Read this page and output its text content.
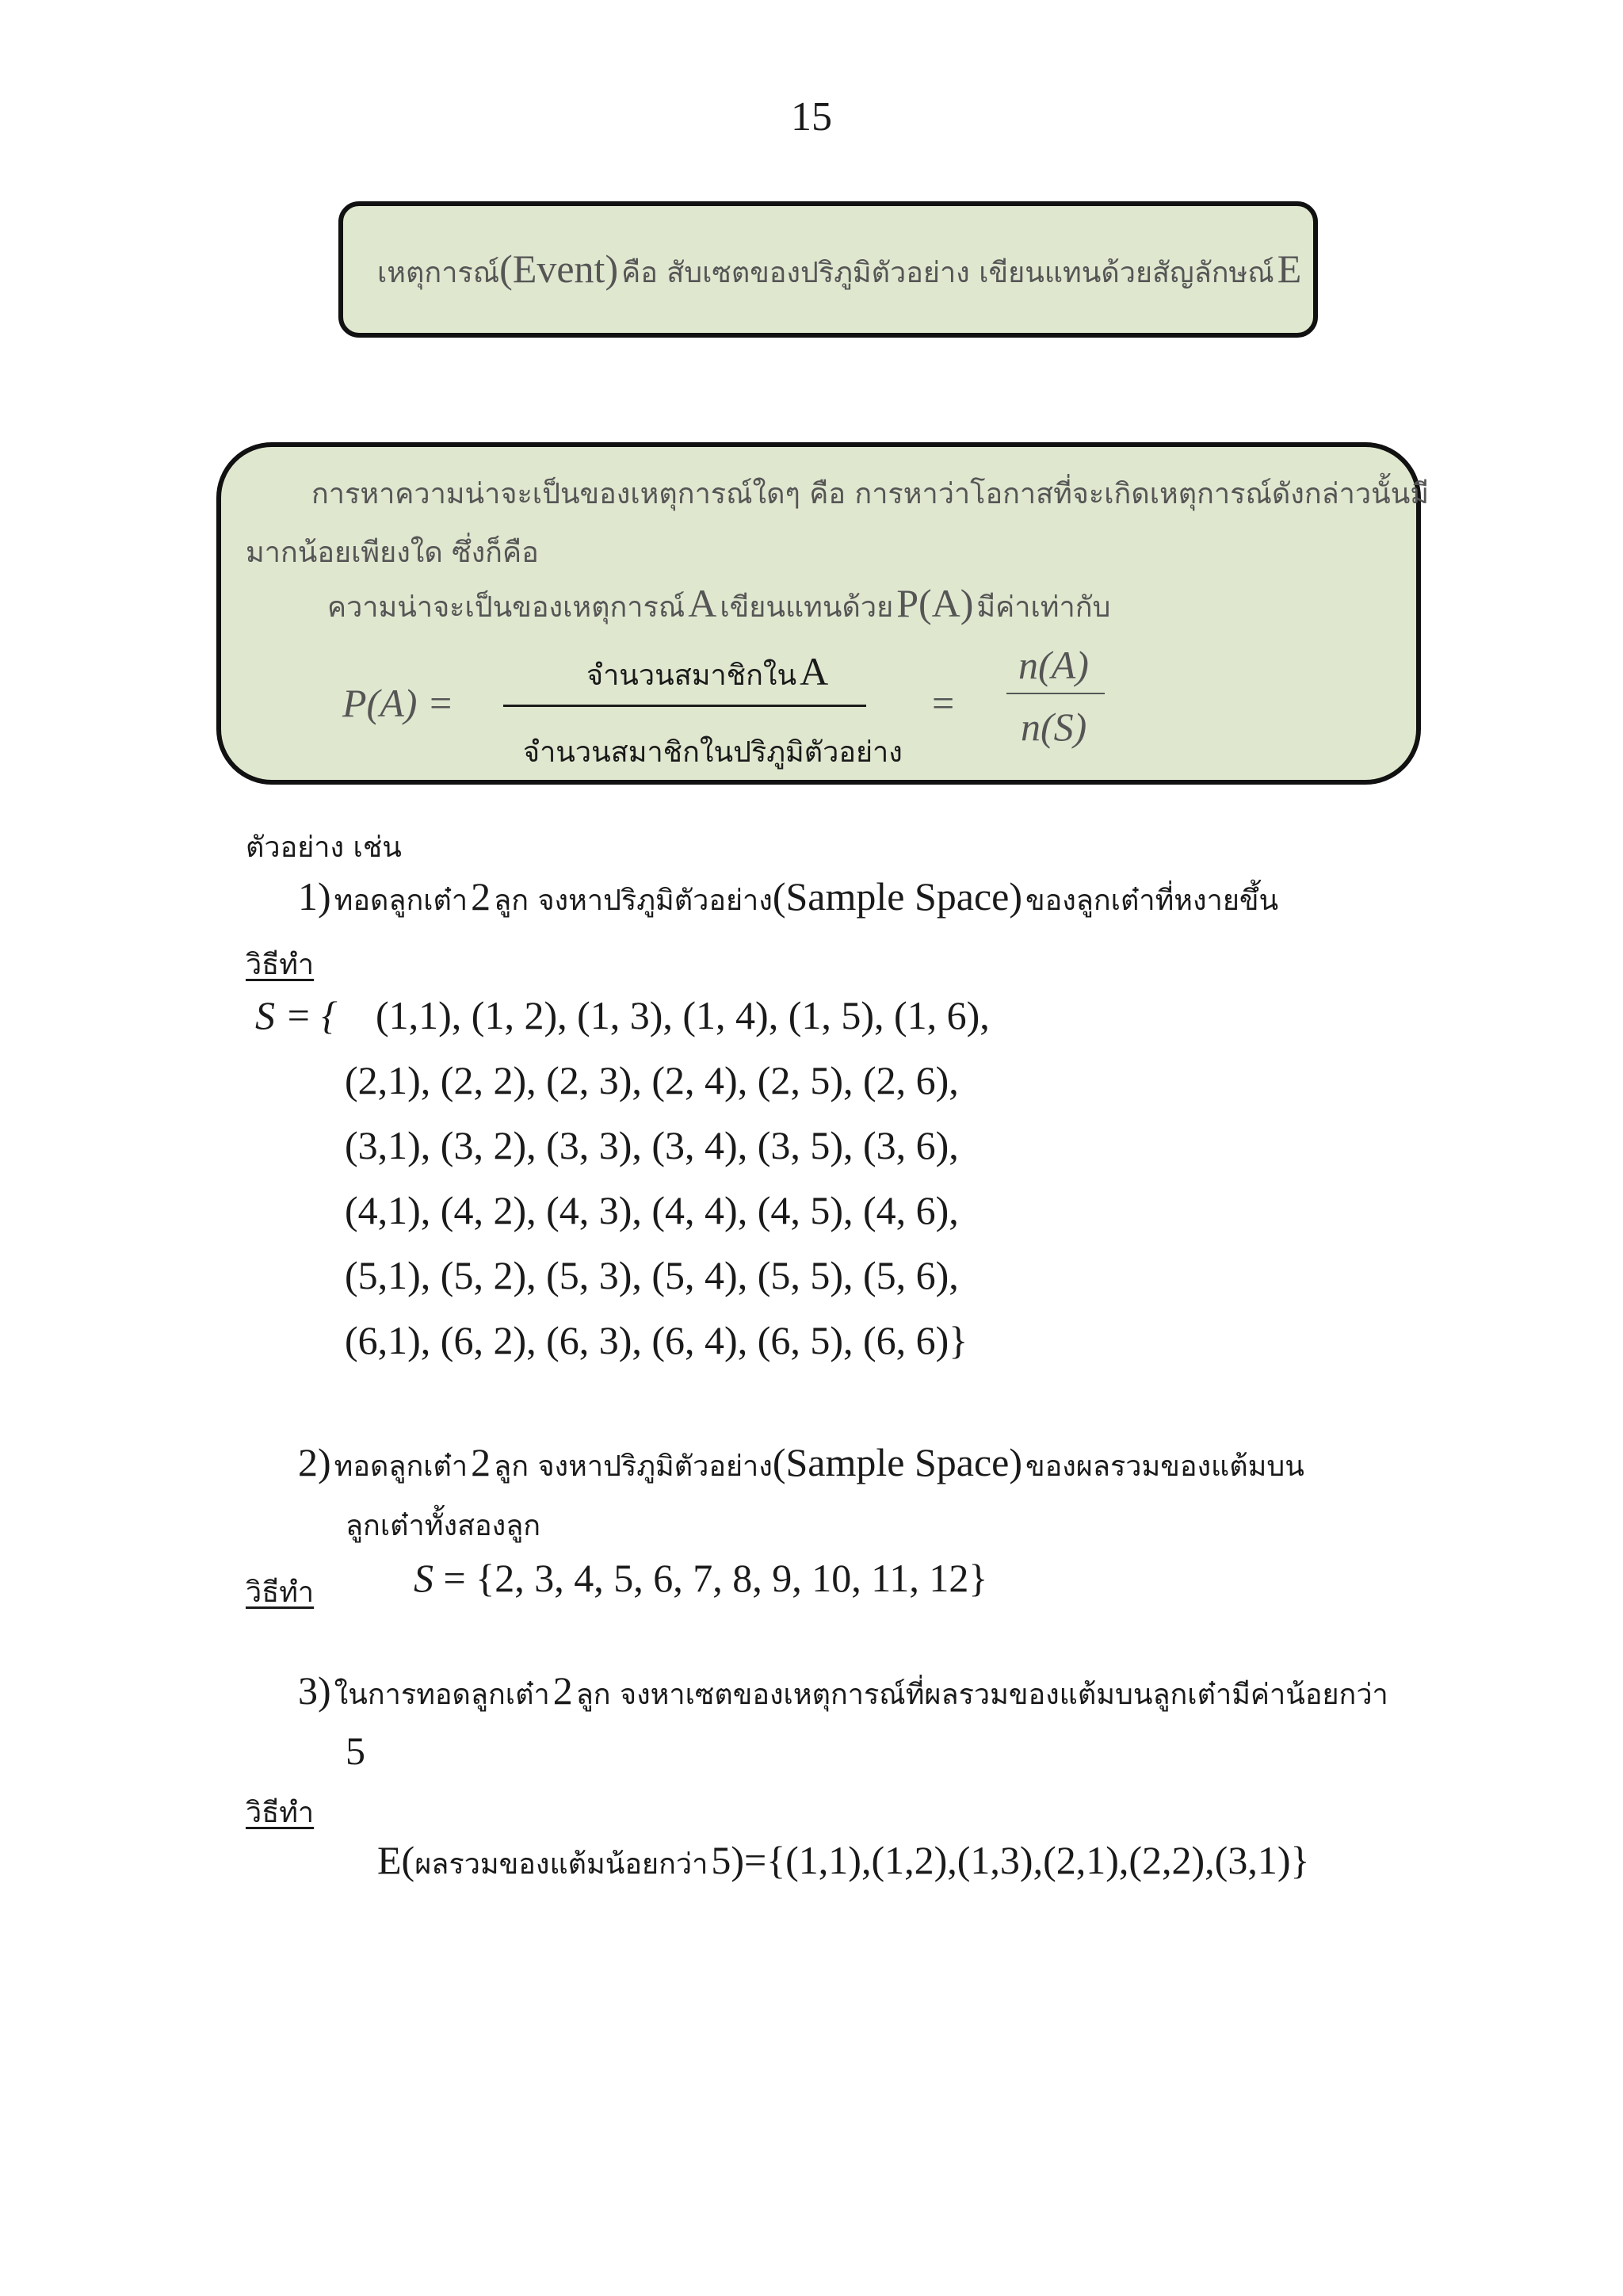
15
เหตุการณ์(Event) คือ สับเซตของปริภูมิตัวอย่าง เขียนแทนด้วยสัญลักษณ์ E
การหาความน่าจะเป็นของเหตุการณ์ใดๆ คือ การหาว่าโอกาสที่จะเกิดเหตุการณ์ดังกล่าวนั้นมี
มากน้อยเพียงใด ซึ่งก็คือ
ความน่าจะเป็นของเหตุการณ์ A เขียนแทนด้วย P(A) มีค่าเท่ากับ
P(A) =
จำนวนสมาชิกใน A
จำนวนสมาชิกในปริภูมิตัวอย่าง
=
n(A)
n(S)
ตัวอย่าง เช่น
1) ทอดลูกเต๋า 2 ลูก จงหาปริภูมิตัวอย่าง(Sample Space) ของลูกเต๋าที่หงายขึ้น
วิธีทำ
S = { (1,1), (1, 2), (1, 3), (1, 4), (1, 5), (1, 6),
(2,1), (2, 2), (2, 3), (2, 4), (2, 5), (2, 6),
(3,1), (3, 2), (3, 3), (3, 4), (3, 5), (3, 6),
(4,1), (4, 2), (4, 3), (4, 4), (4, 5), (4, 6),
(5,1), (5, 2), (5, 3), (5, 4), (5, 5), (5, 6),
(6,1), (6, 2), (6, 3), (6, 4), (6, 5), (6, 6)}
2) ทอดลูกเต๋า 2 ลูก จงหาปริภูมิตัวอย่าง(Sample Space) ของผลรวมของแต้มบน
ลูกเต๋าทั้งสองลูก
วิธีทำ	S = {2, 3, 4, 5, 6, 7, 8, 9, 10, 11, 12}
3) ในการทอดลูกเต๋า 2 ลูก จงหาเซตของเหตุการณ์ที่ผลรวมของแต้มบนลูกเต๋ามีค่าน้อยกว่า
5
วิธีทำ
E(ผลรวมของแต้มน้อยกว่า 5)={(1,1),(1,2),(1,3),(2,1),(2,2),(3,1)}
